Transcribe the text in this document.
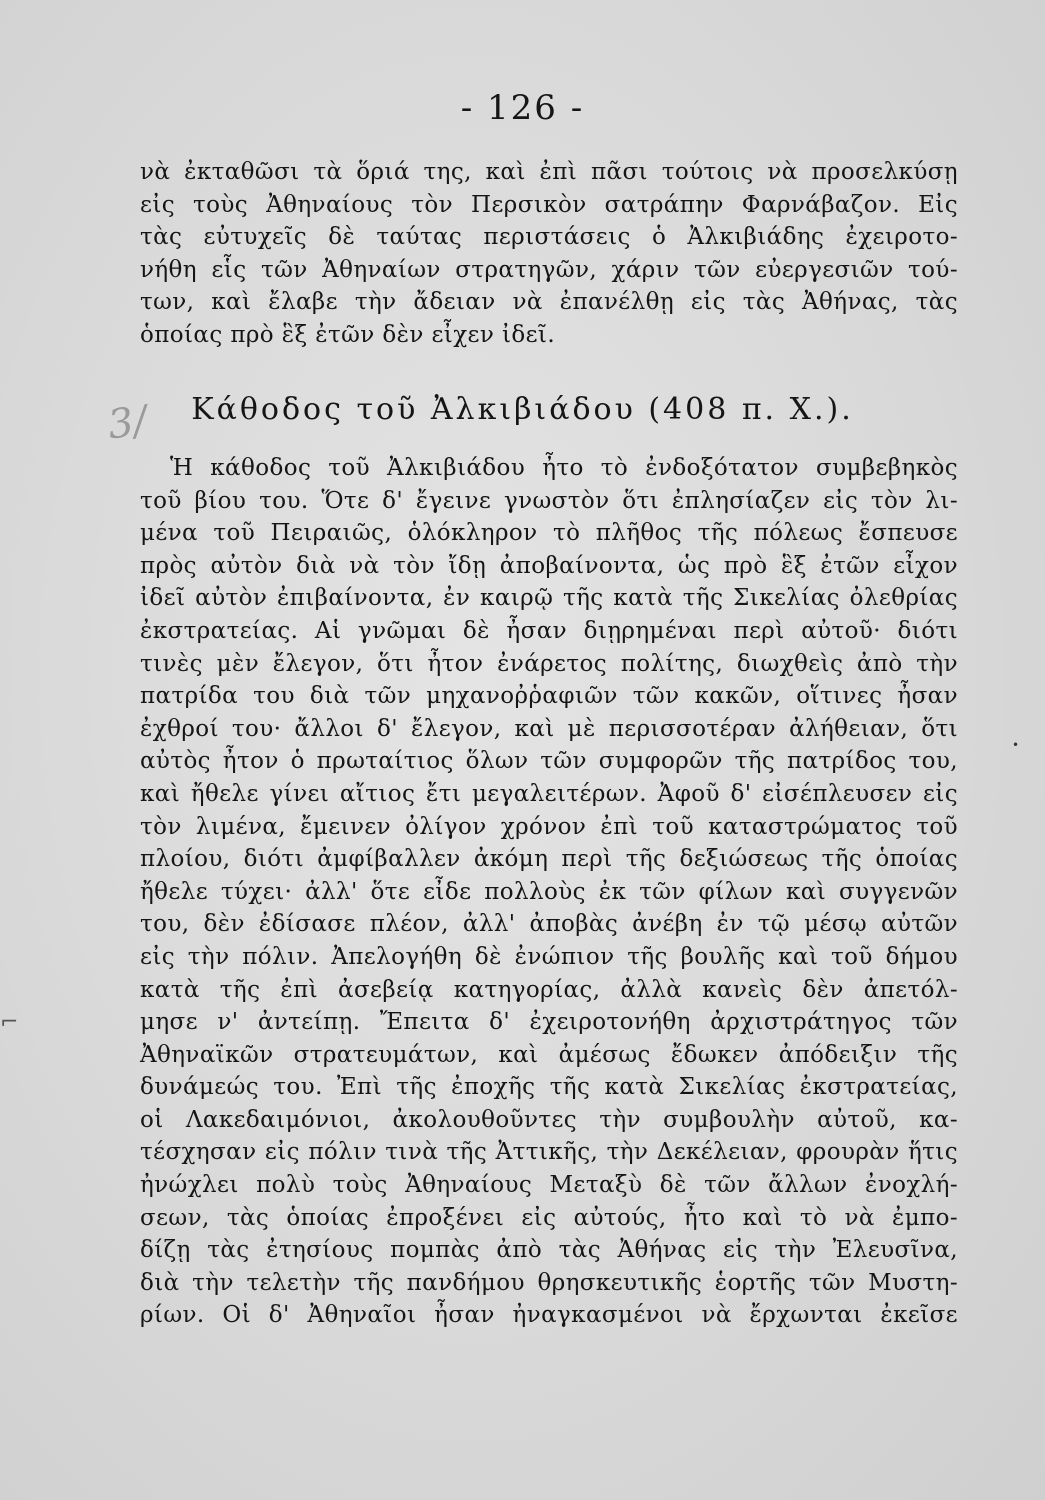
- 126 -
νὰ ἐκταθῶσι τὰ ὅριά της, καὶ ἐπὶ πᾶσι τούτοις νὰ προσελκύσῃ
εἰς τοὺς Ἀθηναίους τὸν Περσικὸν σατράπην Φαρνάβαζον. Εἰς
τὰς εὐτυχεῖς δὲ ταύτας περιστάσεις ὁ Ἀλκιβιάδης ἐχειροτο-
νήθη εἷς τῶν Ἀθηναίων στρατηγῶν, χάριν τῶν εὐεργεσιῶν τού-
των, καὶ ἔλαβε τὴν ἄδειαν νὰ ἐπανέλθῃ εἰς τὰς Ἀθήνας, τὰς
ὁποίας πρὸ ἓξ ἐτῶν δὲν εἶχεν ἰδεῖ.
3/	Κάθοδος τοῦ Ἀλκιβιάδου (408 π. Χ.).
Ἡ κάθοδος τοῦ Ἀλκιβιάδου ἦτο τὸ ἐνδοξότατον συμβεβηκὸς
τοῦ βίου του. Ὅτε δ' ἔγεινε γνωστὸν ὅτι ἐπλησίαζεν εἰς τὸν λι-
μένα τοῦ Πειραιῶς, ὁλόκληρον τὸ πλῆθος τῆς πόλεως ἔσπευσε
πρὸς αὐτὸν διὰ νὰ τὸν ἴδῃ ἀποβαίνοντα, ὡς πρὸ ἓξ ἐτῶν εἶχον
ἰδεῖ αὐτὸν ἐπιβαίνοντα, ἐν καιρῷ τῆς κατὰ τῆς Σικελίας ὀλεθρίας
ἐκστρατείας. Αἱ γνῶμαι δὲ ἦσαν διῃρημέναι περὶ αὐτοῦ· διότι
τινὲς μὲν ἔλεγον, ὅτι ἦτον ἐνάρετος πολίτης, διωχθεὶς ἀπὸ τὴν
πατρίδα του διὰ τῶν μηχανοῤῥαφιῶν τῶν κακῶν, οἵτινες ἦσαν
ἐχθροί του· ἄλλοι δ' ἔλεγον, καὶ μὲ περισσοτέραν ἀλήθειαν, ὅτι
αὐτὸς ἦτον ὁ πρωταίτιος ὅλων τῶν συμφορῶν τῆς πατρίδος του,
καὶ ἤθελε γίνει αἴτιος ἔτι μεγαλειτέρων. Ἀφοῦ δ' εἰσέπλευσεν εἰς
τὸν λιμένα, ἔμεινεν ὀλίγον χρόνον ἐπὶ τοῦ καταστρώματος τοῦ
πλοίου, διότι ἀμφίβαλλεν ἀκόμη περὶ τῆς δεξιώσεως τῆς ὁποίας
ἤθελε τύχει· ἀλλ' ὅτε εἶδε πολλοὺς ἐκ τῶν φίλων καὶ συγγενῶν
του, δὲν ἐδίσασε πλέον, ἀλλ' ἀποβὰς ἀνέβη ἐν τῷ μέσῳ αὐτῶν
εἰς τὴν πόλιν. Ἀπελογήθη δὲ ἐνώπιον τῆς βουλῆς καὶ τοῦ δήμου
κατὰ τῆς ἐπὶ ἀσεβείᾳ κατηγορίας, ἀλλὰ κανεὶς δὲν ἀπετόλ-
μησε ν' ἀντείπῃ. Ἔπειτα δ' ἐχειροτονήθη ἀρχιστράτηγος τῶν
Ἀθηναϊκῶν στρατευμάτων, καὶ ἀμέσως ἔδωκεν ἀπόδειξιν τῆς
δυνάμεώς του. Ἐπὶ τῆς ἐποχῆς τῆς κατὰ Σικελίας ἐκστρατείας,
οἱ Λακεδαιμόνιοι, ἀκολουθοῦντες τὴν συμβουλὴν αὐτοῦ, κα-
τέσχησαν εἰς πόλιν τινὰ τῆς Ἀττικῆς, τὴν Δεκέλειαν, φρουρὰν ἥτις
ἠνώχλει πολὺ τοὺς Ἀθηναίους Μεταξὺ δὲ τῶν ἄλλων ἐνοχλή-
σεων, τὰς ὁποίας ἐπροξένει εἰς αὐτούς, ἦτο καὶ τὸ νὰ ἐμπο-
δίζῃ τὰς ἐτησίους πομπὰς ἀπὸ τὰς Ἀθήνας εἰς τὴν Ἐλευσῖνα,
διὰ τὴν τελετὴν τῆς πανδήμου θρησκευτικῆς ἑορτῆς τῶν Μυστη-
ρίων. Οἱ δ' Ἀθηναῖοι ἦσαν ἠναγκασμένοι νὰ ἔρχωνται ἐκεῖσε
⌐
•
